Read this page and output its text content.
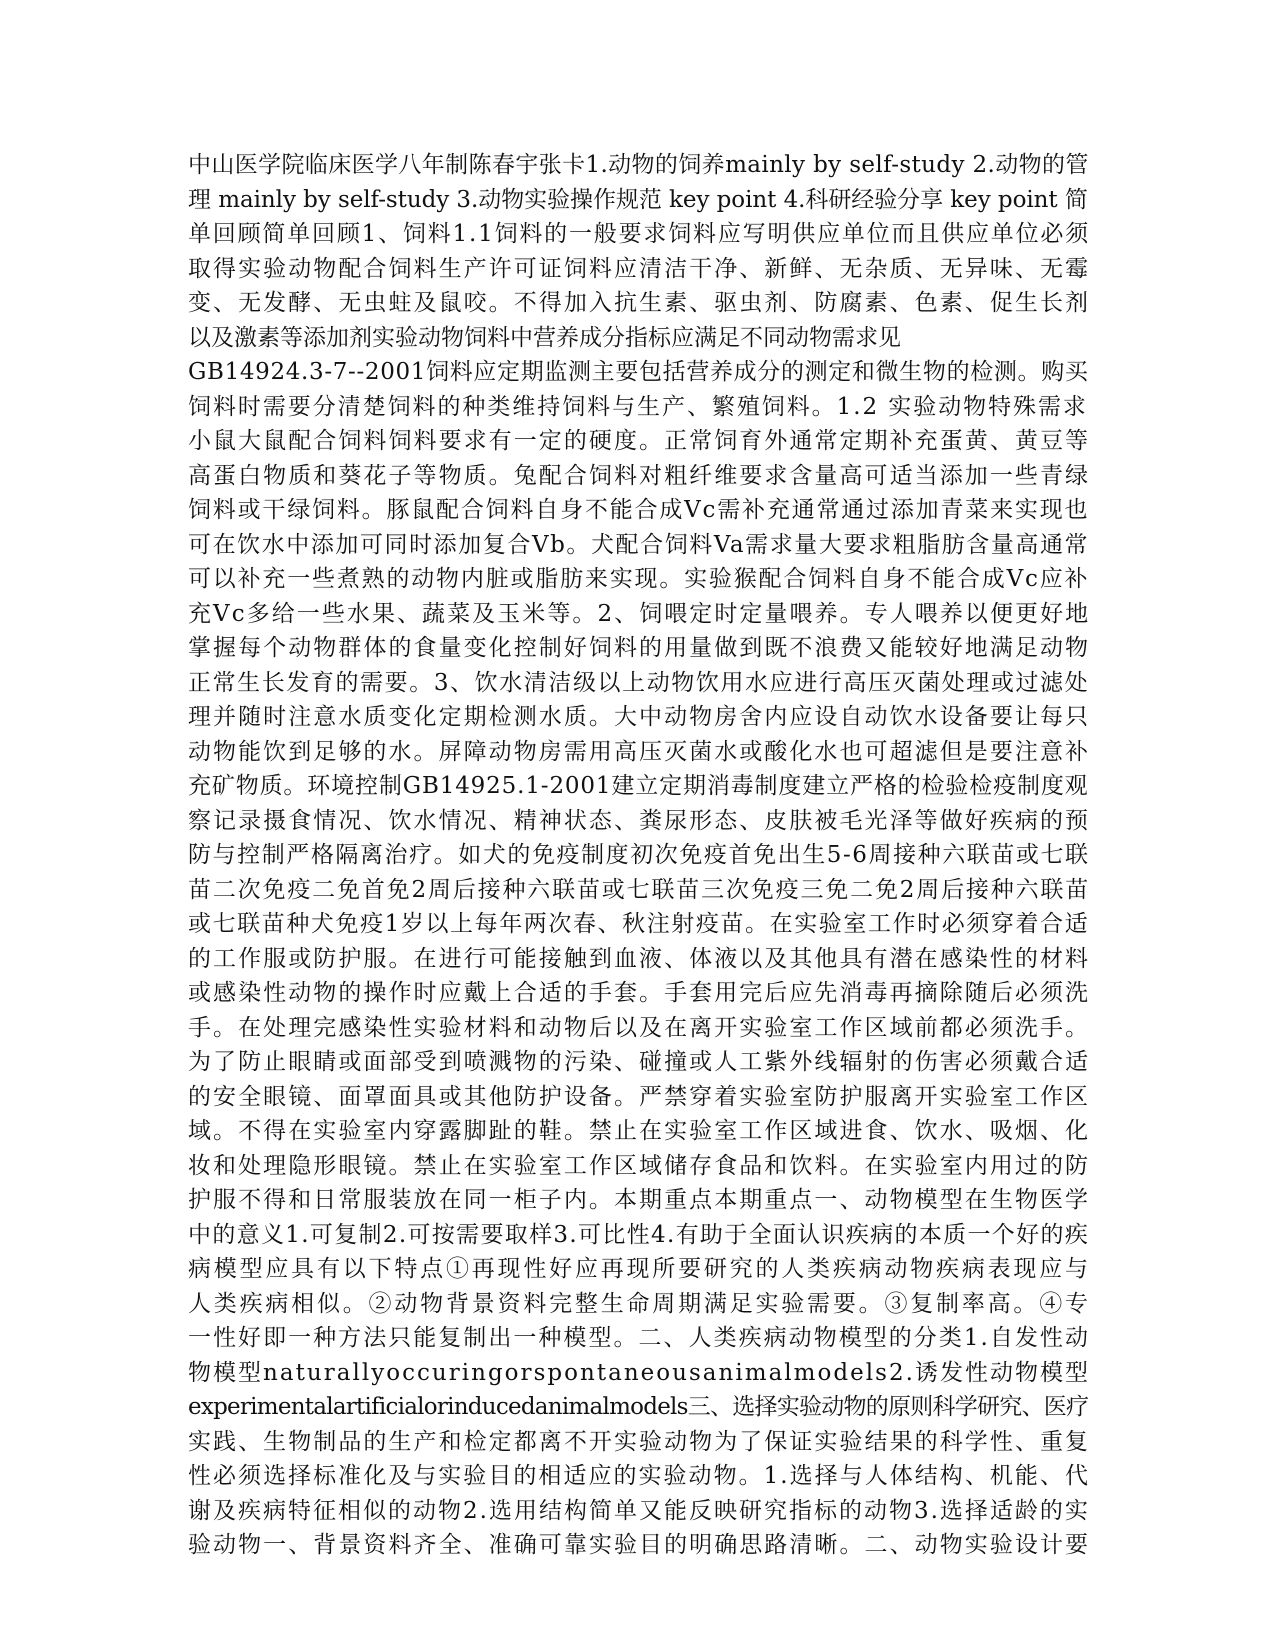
中山医学院临床医学八年制陈春宇张卡1.动物的饲养mainly by self-study 2.动物的管
理 mainly by self-study 3.动物实验操作规范 key point 4.科研经验分享 key point 简
单回顾简单回顾1、饲料1.1饲料的一般要求饲料应写明供应单位而且供应单位必须
取得实验动物配合饲料生产许可证饲料应清洁干净、新鲜、无杂质、无异味、无霉
变、无发酵、无虫蛀及鼠咬。不得加入抗生素、驱虫剂、防腐素、色素、促生长剂
以及激素等添加剂实验动物饲料中营养成分指标应满足不同动物需求见
GB14924.3-7--2001饲料应定期监测主要包括营养成分的测定和微生物的检测。购买
饲料时需要分清楚饲料的种类维持饲料与生产、繁殖饲料。1.2 实验动物特殊需求
小鼠大鼠配合饲料饲料要求有一定的硬度。正常饲育外通常定期补充蛋黄、黄豆等
高蛋白物质和葵花子等物质。兔配合饲料对粗纤维要求含量高可适当添加一些青绿
饲料或干绿饲料。豚鼠配合饲料自身不能合成Vc需补充通常通过添加青菜来实现也
可在饮水中添加可同时添加复合Vb。犬配合饲料Va需求量大要求粗脂肪含量高通常
可以补充一些煮熟的动物内脏或脂肪来实现。实验猴配合饲料自身不能合成Vc应补
充Vc多给一些水果、蔬菜及玉米等。2、饲喂定时定量喂养。专人喂养以便更好地
掌握每个动物群体的食量变化控制好饲料的用量做到既不浪费又能较好地满足动物
正常生长发育的需要。3、饮水清洁级以上动物饮用水应进行高压灭菌处理或过滤处
理并随时注意水质变化定期检测水质。大中动物房舍内应设自动饮水设备要让每只
动物能饮到足够的水。屏障动物房需用高压灭菌水或酸化水也可超滤但是要注意补
充矿物质。环境控制GB14925.1-2001建立定期消毒制度建立严格的检验检疫制度观
察记录摄食情况、饮水情况、精神状态、粪尿形态、皮肤被毛光泽等做好疾病的预
防与控制严格隔离治疗。如犬的免疫制度初次免疫首免出生5-6周接种六联苗或七联
苗二次免疫二免首免2周后接种六联苗或七联苗三次免疫三免二免2周后接种六联苗
或七联苗种犬免疫1岁以上每年两次春、秋注射疫苗。在实验室工作时必须穿着合适
的工作服或防护服。在进行可能接触到血液、体液以及其他具有潜在感染性的材料
或感染性动物的操作时应戴上合适的手套。手套用完后应先消毒再摘除随后必须洗
手。在处理完感染性实验材料和动物后以及在离开实验室工作区域前都必须洗手。
为了防止眼睛或面部受到喷溅物的污染、碰撞或人工紫外线辐射的伤害必须戴合适
的安全眼镜、面罩面具或其他防护设备。严禁穿着实验室防护服离开实验室工作区
域。不得在实验室内穿露脚趾的鞋。禁止在实验室工作区域进食、饮水、吸烟、化
妆和处理隐形眼镜。禁止在实验室工作区域储存食品和饮料。在实验室内用过的防
护服不得和日常服装放在同一柜子内。本期重点本期重点一、动物模型在生物医学
中的意义1.可复制2.可按需要取样3.可比性4.有助于全面认识疾病的本质一个好的疾
病模型应具有以下特点①再现性好应再现所要研究的人类疾病动物疾病表现应与
人类疾病相似。②动物背景资料完整生命周期满足实验需要。③复制率高。④专
一性好即一种方法只能复制出一种模型。二、人类疾病动物模型的分类1.自发性动
物模型naturallyoccuringorspontaneousanimalmodels2.诱发性动物模型
experimentalartificialorinducedanimalmodels三、选择实验动物的原则科学研究、医疗
实践、生物制品的生产和检定都离不开实验动物为了保证实验结果的科学性、重复
性必须选择标准化及与实验目的相适应的实验动物。1.选择与人体结构、机能、代
谢及疾病特征相似的动物2.选用结构简单又能反映研究指标的动物3.选择适龄的实
验动物一、背景资料齐全、准确可靠实验目的明确思路清晰。二、动物实验设计要
